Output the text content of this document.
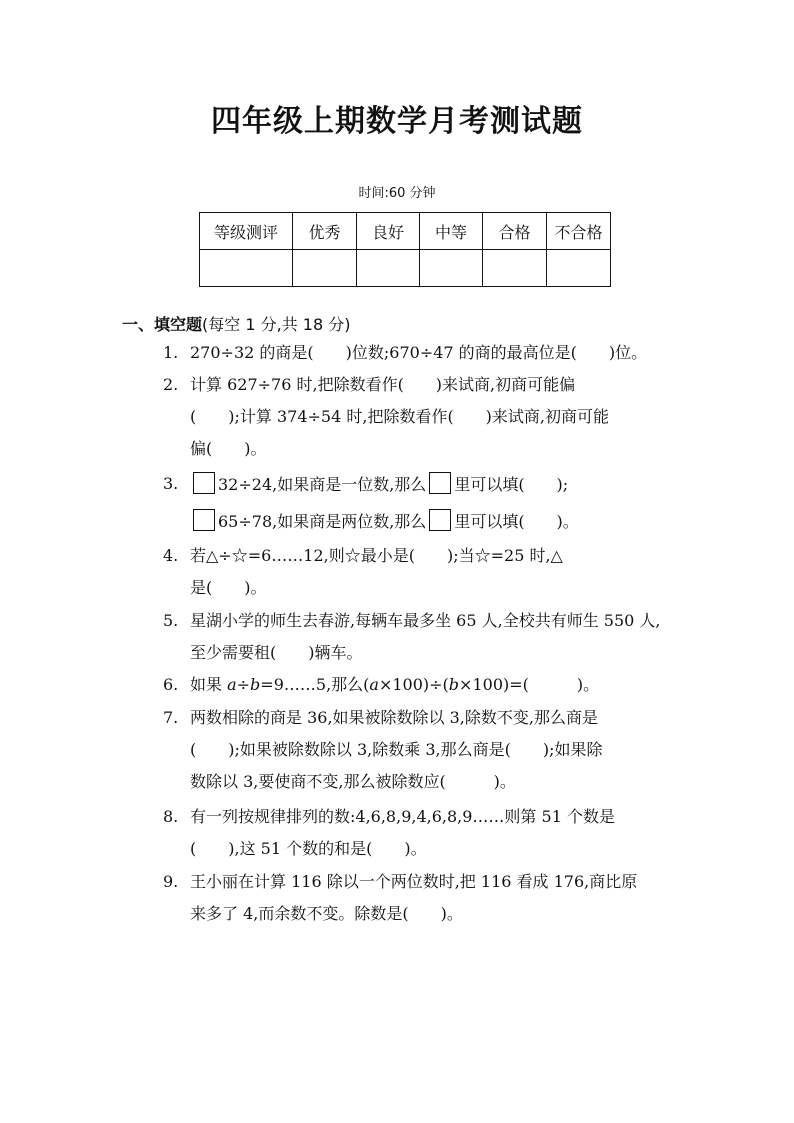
四年级上期数学月考测试题
时间:60 分钟
等级测评	优秀	良好	中等	合格	不合格

一、填空题(每空 1 分,共 18 分)
1. 270÷32 的商是(　　)位数;670÷47 的商的最高位是(　　)位。
2. 计算 627÷76 时,把除数看作(　　)来试商,初商可能偏
(　　);计算 374÷54 时,把除数看作(　　)来试商,初商可能
偏(　　)。
3.	32÷24,如果商是一位数,那么 里可以填(　　);
65÷78,如果商是两位数,那么 里可以填(　　)。
4. 若△÷☆=6……12,则☆最小是(　　);当☆=25 时,△
是(　　)。
5. 星湖小学的师生去春游,每辆车最多坐 65 人,全校共有师生 550 人,
至少需要租(　　)辆车。
6. 如果 a÷b=9……5,那么(a×100)÷(b×100)=(　　　)。
7. 两数相除的商是 36,如果被除数除以 3,除数不变,那么商是
(　　);如果被除数除以 3,除数乘 3,那么商是(　　);如果除
数除以 3,要使商不变,那么被除数应(　　　)。
8. 有一列按规律排列的数:4,6,8,9,4,6,8,9……则第 51 个数是
(　　),这 51 个数的和是(　　)。
9. 王小丽在计算 116 除以一个两位数时,把 116 看成 176,商比原
来多了 4,而余数不变。除数是(　　)。
